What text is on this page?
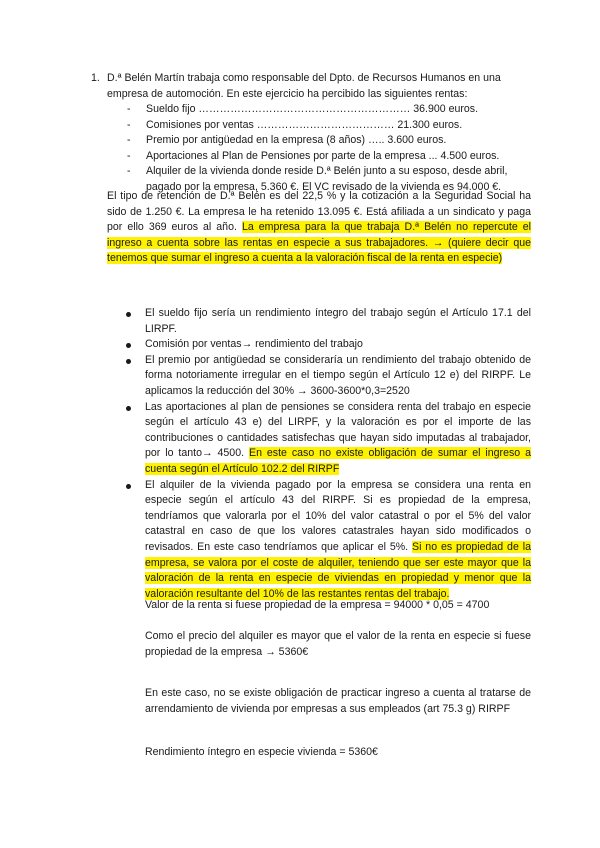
1. D.ª Belén Martín trabaja como responsable del Dpto. de Recursos Humanos en una empresa de automoción. En este ejercicio ha percibido las siguientes rentas:
- Sueldo fijo …………………………………………………… 36.900 euros.
- Comisiones por ventas ………………………………… 21.300 euros.
- Premio por antigüedad en la empresa (8 años) ….. 3.600 euros.
- Aportaciones al Plan de Pensiones por parte de la empresa ... 4.500 euros.
- Alquiler de la vivienda donde reside D.ª Belén junto a su esposo, desde abril, pagado por la empresa, 5.360 €. El VC revisado de la vivienda es 94.000 €.
El tipo de retención de D.ª Belén es del 22,5 % y la cotización a la Seguridad Social ha sido de 1.250 €. La empresa le ha retenido 13.095 €. Está afiliada a un sindicato y paga por ello 369 euros al año. La empresa para la que trabaja D.ª Belén no repercute el ingreso a cuenta sobre las rentas en especie a sus trabajadores. → (quiere decir que tenemos que sumar el ingreso a cuenta a la valoración fiscal de la renta en especie)
El sueldo fijo sería un rendimiento íntegro del trabajo según el Artículo 17.1 del LIRPF.
Comisión por ventas→ rendimiento del trabajo
El premio por antigüedad se consideraría un rendimiento del trabajo obtenido de forma notoriamente irregular en el tiempo según el Artículo 12 e) del RIRPF. Le aplicamos la reducción del 30% → 3600-3600*0,3=2520
Las aportaciones al plan de pensiones se considera renta del trabajo en especie según el artículo 43 e) del LIRPF, y la valoración es por el importe de las contribuciones o cantidades satisfechas que hayan sido imputadas al trabajador, por lo tanto→ 4500. En este caso no existe obligación de sumar el ingreso a cuenta según el Artículo 102.2 del RIRPF
El alquiler de la vivienda pagado por la empresa se considera una renta en especie según el artículo 43 del RIRPF. Si es propiedad de la empresa, tendríamos que valorarla por el 10% del valor catastral o por el 5% del valor catastral en caso de que los valores catastrales hayan sido modificados o revisados. En este caso tendríamos que aplicar el 5%. Si no es propiedad de la empresa, se valora por el coste de alquiler, teniendo que ser este mayor que la valoración de la renta en especie de viviendas en propiedad y menor que la valoración resultante del 10% de las restantes rentas del trabajo.
Valor de la renta si fuese propiedad de la empresa = 94000 * 0,05 = 4700
Como el precio del alquiler es mayor que el valor de la renta en especie si fuese propiedad de la empresa → 5360€
En este caso, no se existe obligación de practicar ingreso a cuenta al tratarse de arrendamiento de vivienda por empresas a sus empleados (art 75.3 g) RIRPF
Rendimiento íntegro en especie vivienda = 5360€
